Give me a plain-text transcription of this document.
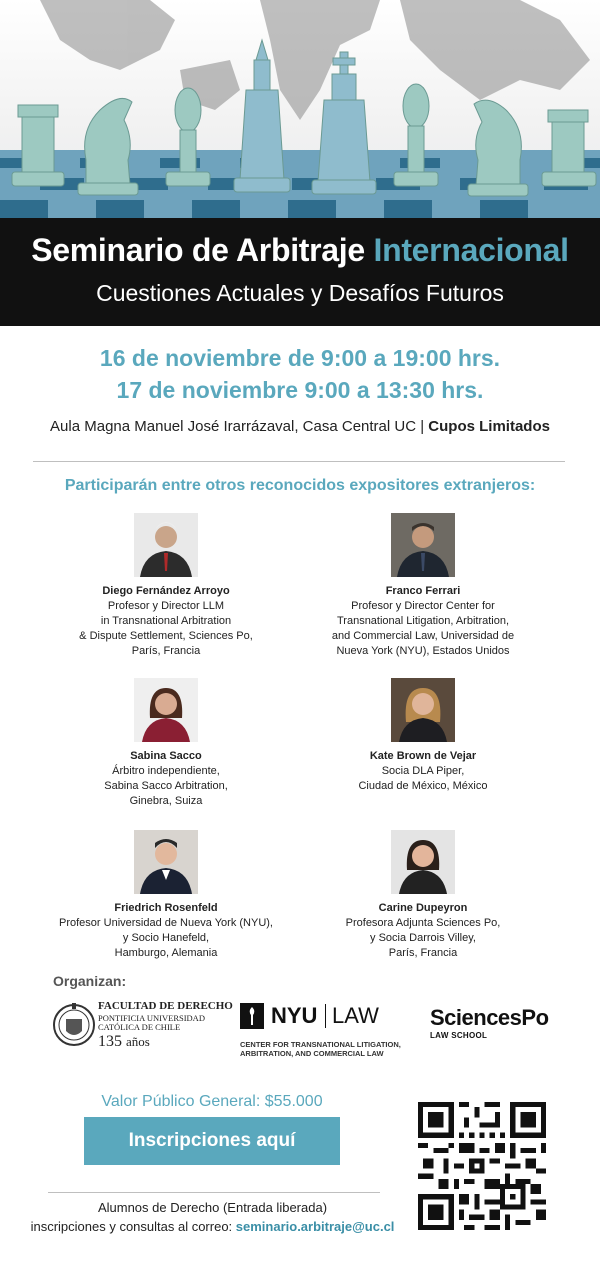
Seminario de Arbitraje Internacional
Cuestiones Actuales y Desafíos Futuros
16 de noviembre de 9:00 a 19:00 hrs.
17 de noviembre 9:00 a 13:30 hrs.
Aula Magna Manuel José Irarrázaval, Casa Central UC | Cupos Limitados
Participarán entre otros reconocidos expositores extranjeros:
Diego Fernández Arroyo
Profesor y Director LLM
in Transnational Arbitration
& Dispute Settlement, Sciences Po,
París, Francia
Franco Ferrari
Profesor y Director Center for
Transnational Litigation, Arbitration,
and Commercial Law, Universidad de
Nueva York (NYU), Estados Unidos
Sabina Sacco
Árbitro independiente,
Sabina Sacco Arbitration,
Ginebra, Suiza
Kate Brown de Vejar
Socia DLA Piper,
Ciudad de México, México
Friedrich Rosenfeld
Profesor Universidad de Nueva York (NYU),
y Socio Hanefeld,
Hamburgo, Alemania
Carine Dupeyron
Profesora Adjunta Sciences Po,
y Socia Darrois Villey,
París, Francia
Organizan:
FACULTAD DE DERECHO
PONTIFICIA UNIVERSIDAD
CATÓLICA DE CHILE
135 años
NYU LAW
CENTER FOR TRANSNATIONAL LITIGATION,
ARBITRATION, AND COMMERCIAL LAW
SciencesPo
LAW SCHOOL
Valor Público General: $55.000
Inscripciones aquí
Alumnos de Derecho (Entrada liberada)
inscripciones y consultas al correo: seminario.arbitraje@uc.cl
